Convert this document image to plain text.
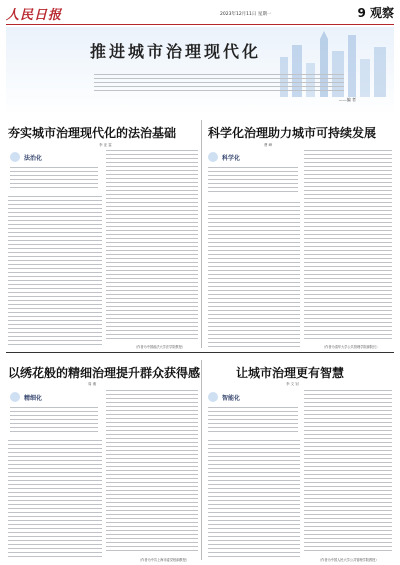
人民日报	2023年12月11日 星期一	9 观察
推进城市治理现代化
——编 者
夯实城市治理现代化的法治基础
李 亚 雷
法治化
（作者为中国政法大学法学院教授）
科学化治理助力城市可持续发展
曹 峰
科学化
（作者为清华大学公共管理学院副院长）
以绣花般的精细治理提升群众获得感
周 湘
精细化
（作者为中共上海市委党校副教授）
让城市治理更有智慧
李 文 钊
智能化
（作者为中国人民大学公共管理学院教授）
